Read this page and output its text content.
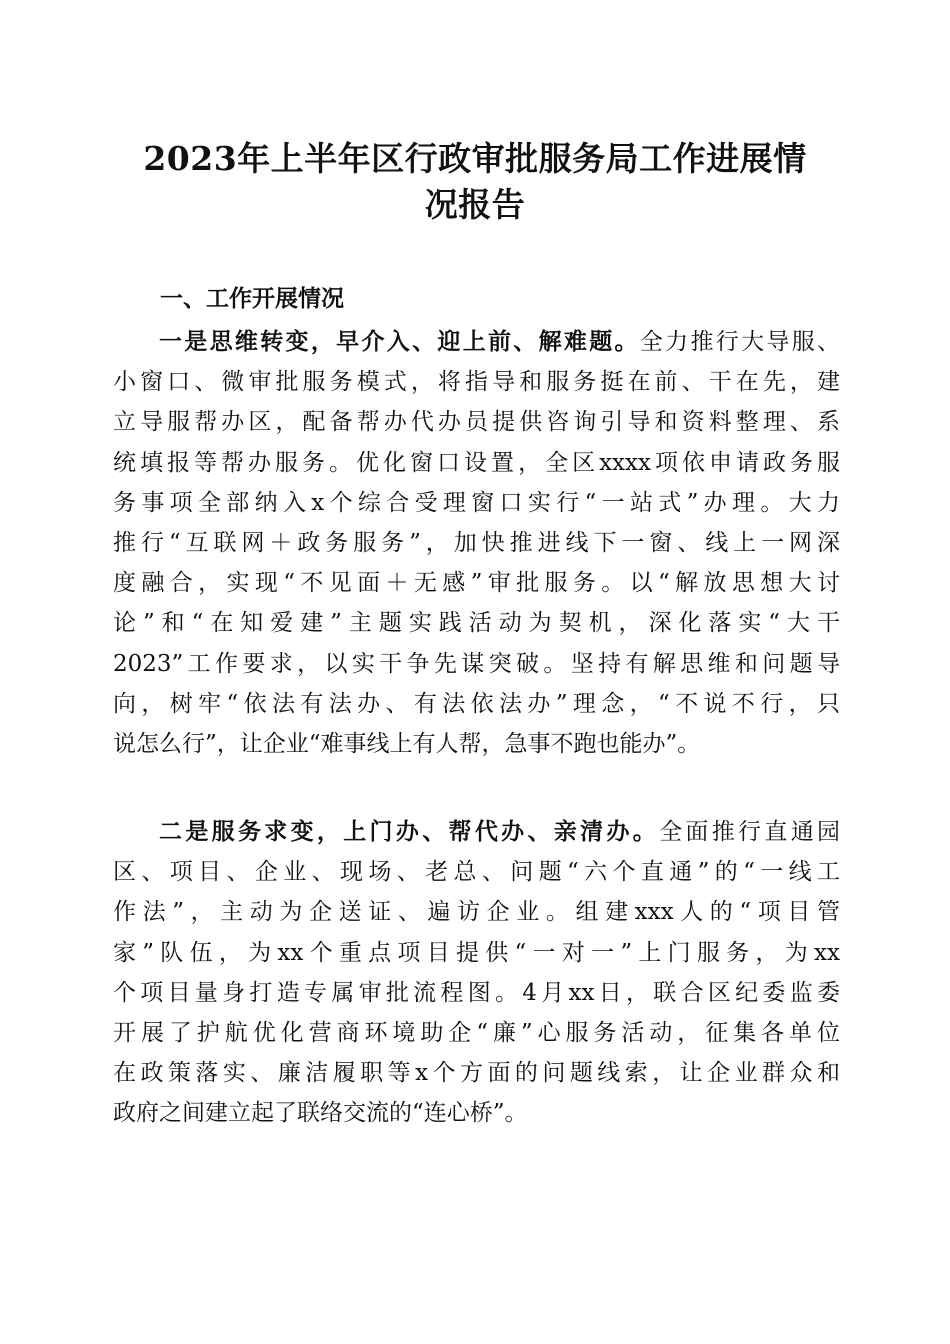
2023年上半年区行政审批服务局工作进展情
况报告
一、工作开展情况
一是思维转变，早介入、迎上前、解难题。全力推行大导服、
小窗口、微审批服务模式，将指导和服务挺在前、干在先，建
立导服帮办区，配备帮办代办员提供咨询引导和资料整理、系
统填报等帮办服务。优化窗口设置，全区xxxx项依申请政务服
务事项全部纳入x个综合受理窗口实行“一站式”办理。大力
推行“互联网＋政务服务”，加快推进线下一窗、线上一网深
度融合，实现“不见面＋无感”审批服务。以“解放思想大讨
论”和“在知爱建”主题实践活动为契机，深化落实“大干
2023”工作要求，以实干争先谋突破。坚持有解思维和问题导
向，树牢“依法有法办、有法依法办”理念，“不说不行，只
说怎么行”，让企业“难事线上有人帮，急事不跑也能办”。
二是服务求变，上门办、帮代办、亲清办。全面推行直通园
区、项目、企业、现场、老总、问题“六个直通”的“一线工
作法”，主动为企送证、遍访企业。组建xxx人的“项目管
家”队伍，为xx个重点项目提供“一对一”上门服务，为xx
个项目量身打造专属审批流程图。4月xx日，联合区纪委监委
开展了护航优化营商环境助企“廉”心服务活动，征集各单位
在政策落实、廉洁履职等x个方面的问题线索，让企业群众和
政府之间建立起了联络交流的“连心桥”。
